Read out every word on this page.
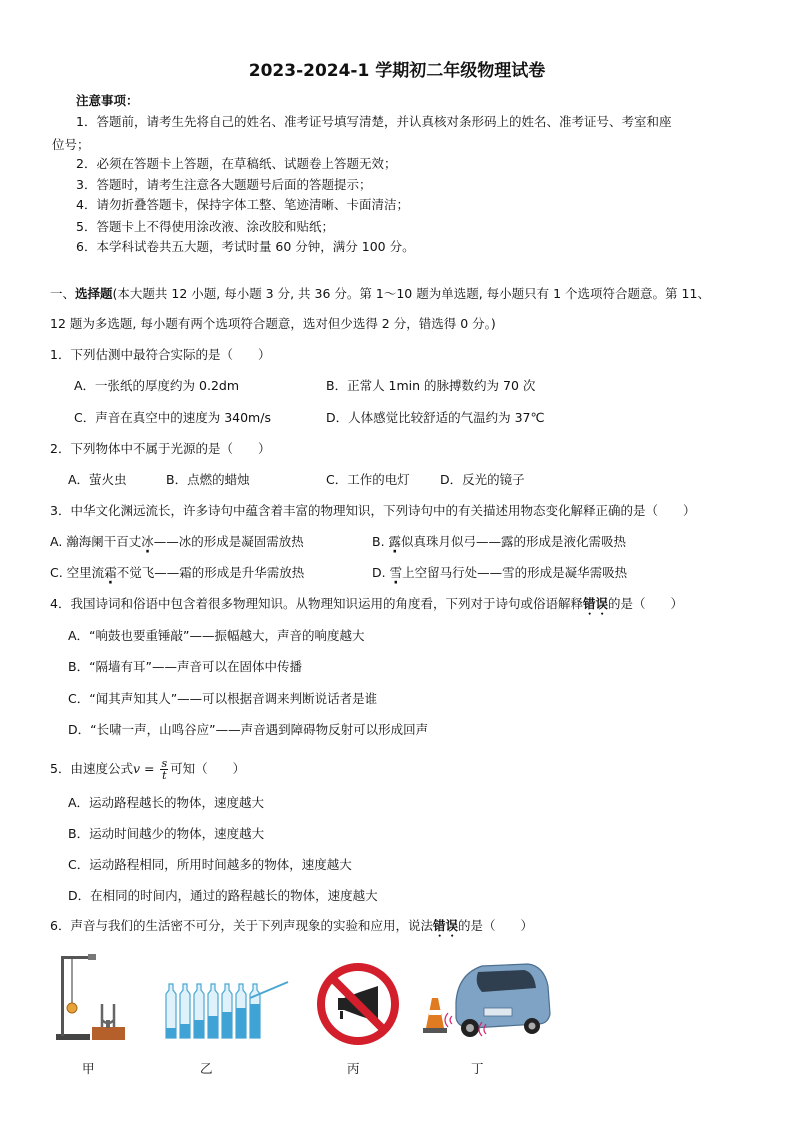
2023-2024-1 学期初二年级物理试卷
注意事项：
1．答题前，请考生先将自己的姓名、准考证号填写清楚，并认真核对条形码上的姓名、准考证号、考室和座
位号；
2．必须在答题卡上答题，在草稿纸、试题卷上答题无效；
3．答题时，请考生注意各大题题号后面的答题提示；
4．请勿折叠答题卡，保持字体工整、笔迹清晰、卡面清洁；
5．答题卡上不得使用涂改液、涂改胶和贴纸；
6．本学科试卷共五大题，考试时量 60 分钟，满分 100 分。
一、选择题(本大题共 12 小题, 每小题 3 分, 共 36 分。第 1～10 题为单选题, 每小题只有 1 个选项符合题意。第 11、
12 题为多选题, 每小题有两个选项符合题意，选对但少选得 2 分，错选得 0 分。)
1．下列估测中最符合实际的是（　　）
A．一张纸的厚度约为 0.2dm	B．正常人 1min 的脉搏数约为 70 次
C．声音在真空中的速度为 340m/s	D．人体感觉比较舒适的气温约为 37℃
2．下列物体中不属于光源的是（　　）
A．萤火虫	B．点燃的蜡烛	C．工作的电灯 D．反光的镜子
3．中华文化渊远流长，许多诗句中蕴含着丰富的物理知识，下列诗句中的有关描述用物态变化解释正确的是（　　）
A. 瀚海阑干百丈冰——冰的形成是凝固需放热	B. 露似真珠月似弓——露的形成是液化需吸热
C. 空里流霜不觉飞——霜的形成是升华需放热	D. 雪上空留马行处——雪的形成是凝华需吸热
4．我国诗词和俗语中包含着很多物理知识。从物理知识运用的角度看，下列对于诗句或俗语解释错误的是（　　）
A．“响鼓也要重锤敲”——振幅越大，声音的响度越大
B．“隔墙有耳”——声音可以在固体中传播
C．“闻其声知其人”——可以根据音调来判断说话者是谁
D．“长啸一声，山鸣谷应”——声音遇到障碍物反射可以形成回声
5．由速度公式$v = \frac{s}{t}$ 可知（　　）
A．运动路程越长的物体，速度越大
B．运动时间越少的物体，速度越大
C．运动路程相同，所用时间越多的物体，速度越大
D．在相同的时间内，通过的路程越长的物体，速度越大
6．声音与我们的生活密不可分，关于下列声现象的实验和应用，说法错误的是（　　）
甲	乙	丙	丁
